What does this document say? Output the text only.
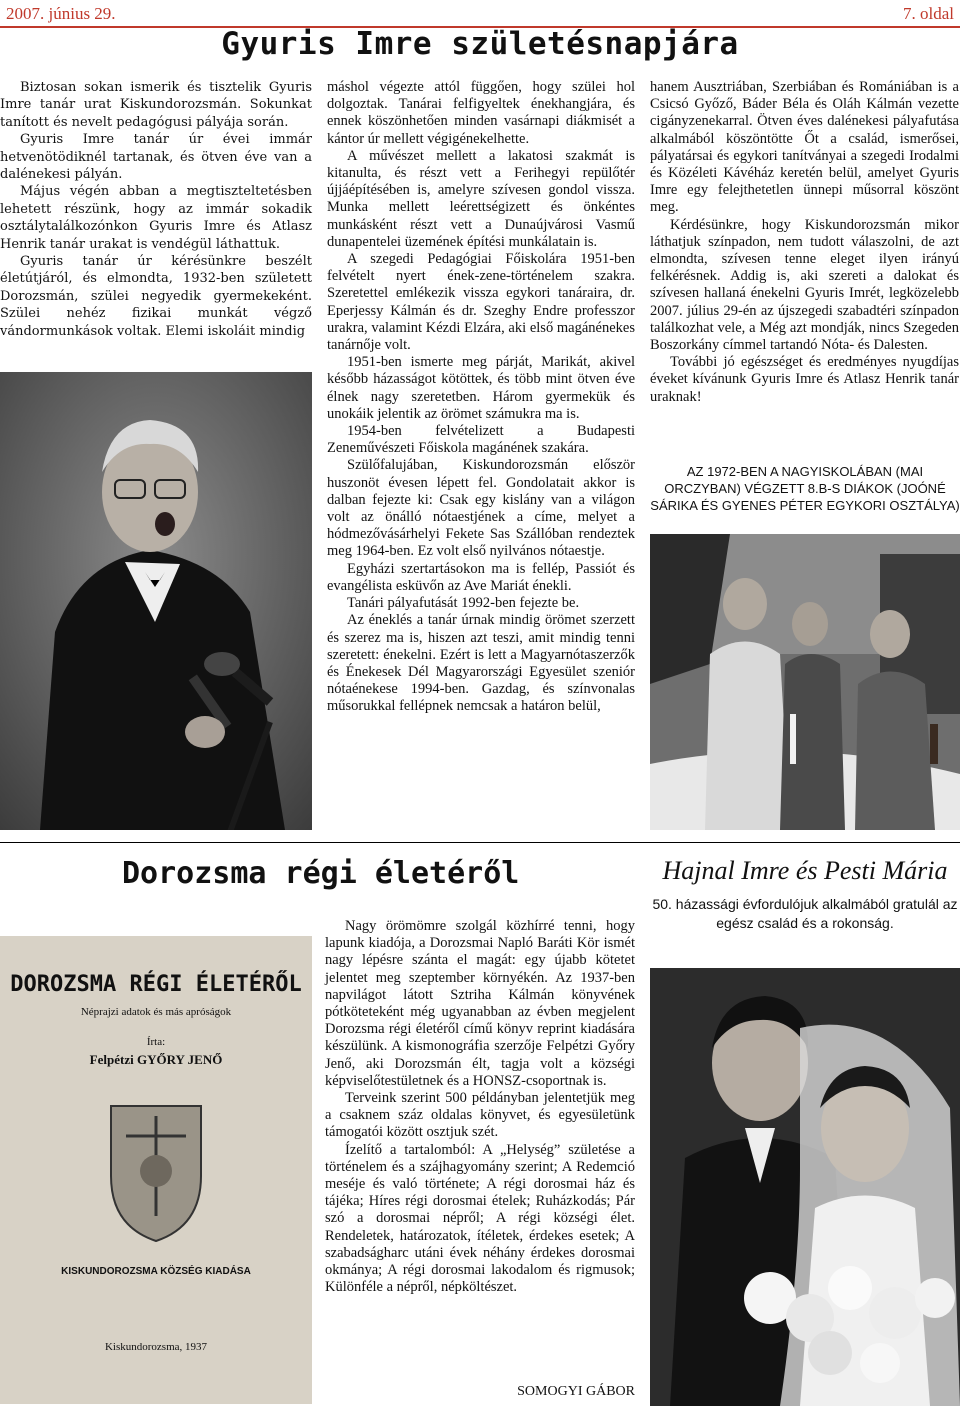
2007. június 29.	7. oldal
Gyuris Imre születésnapjára

Biztosan sokan ismerik és tisztelik Gyuris Imre tanár urat Kiskundorozsmán. Sokunkat tanított és nevelt pedagógusi pályája során.

Gyuris Imre tanár úr évei immár hetvenötödiknél tartanak, és ötven éve van a dalénekesi pályán.

Május végén abban a megtiszteltetésben lehetett részünk, hogy az immár sokadik osztálytalálkozónkon Gyuris Imre és Atlasz Henrik tanár urakat is vendégül láthattuk.

Gyuris tanár úr kérésünkre beszélt életútjáról, és elmondta, 1932-ben született Dorozsmán, szülei negyedik gyermekeként. Szülei nehéz fizikai munkát végző vándormunkások voltak. Elemi iskoláit mindig

máshol végezte attól függően, hogy szülei hol dolgoztak. Tanárai felfigyeltek énekhangjára, és ennek köszönhetően minden vasárnapi diákmisét a kántor úr mellett végigénekelhette.

A művészet mellett a lakatosi szakmát is kitanulta, és részt vett a Ferihegyi repülőtér újjáépítésében is, amelyre szívesen gondol vissza. Munka mellett leérettségizett és önkéntes munkásként részt vett a Dunaújvárosi Vasmű dunapentelei üzemének építési munkálatain is.

A szegedi Pedagógiai Főiskolára 1951-ben felvételt nyert ének-zene-történelem szakra. Szeretettel emlékezik vissza egykori tanáraira, dr. Eperjessy Kálmán és dr. Szeghy Endre professzor urakra, valamint Kézdi Elzára, aki első magánénekes tanárnője volt.

1951-ben ismerte meg párját, Marikát, akivel később házasságot kötöttek, és több mint ötven éve élnek nagy szeretetben. Három gyermekük és unokáik jelentik az örömet számukra ma is.

1954-ben felvételizett a Budapesti Zeneművészeti Főiskola magánének szakára.

Szülőfalujában, Kiskundorozsmán először huszonöt évesen lépett fel. Gondolatait akkor is dalban fejezte ki: Csak egy kislány van a világon volt az önálló nótaestjének a címe, melyet a hódmezővásárhelyi Fekete Sas Szállóban rendeztek meg 1964-ben. Ez volt első nyilvános nótaestje.

Egyházi szertartásokon ma is fellép, Passiót és evangélista esküvőn az Ave Mariát énekli.

Tanári pályafutását 1992-ben fejezte be.

Az éneklés a tanár úrnak mindig örömet szerzett és szerez ma is, hiszen azt teszi, amit mindig tenni szeretett: énekelni. Ezért is lett a Magyarnótaszerzők és Énekesek Dél Magyarországi Egyesület szeniór nótaénekese 1994-ben. Gazdag, és színvonalas műsorukkal fellépnek nemcsak a határon belül,

hanem Ausztriában, Szerbiában és Romániában is a Csicsó Győző, Báder Béla és Oláh Kálmán vezette cigányzenekarral. Ötven éves dalénekesi pályafutása alkalmából köszöntötte Őt a család, ismerősei, pályatársai és egykori tanítványai a szegedi Irodalmi és Közéleti Kávéház keretén belül, amelyet Gyuris Imre egy felejthetetlen ünnepi műsorral köszönt meg.

Kérdésünkre, hogy Kiskundorozsmán mikor láthatjuk színpadon, nem tudott válaszolni, de azt elmondta, szívesen tenne eleget ilyen irányú felkérésnek. Addig is, aki szereti a dalokat és szívesen hallaná énekelni Gyuris Imrét, legközelebb 2007. július 29-én az újszegedi szabadtéri színpadon találkozhat vele, a Még azt mondják, nincs Szegeden Boszorkány címmel tartandó Nóta- és Dalesten.

További jó egészséget és eredményes nyugdíjas éveket kívánunk Gyuris Imre és Atlasz Henrik tanár uraknak!

AZ 1972-BEN A NAGYISKOLÁBAN (MAI ORCZYBAN) VÉGZETT 8.B-S DIÁKOK (JOÓNÉ SÁRIKA ÉS GYENES PÉTER EGYKORI OSZTÁLYA)
Dorozsma régi életéről
DOROZSMA RÉGI ÉLETÉRŐL
Néprajzi adatok és más apróságok
Írta:
Felpétzi GYŐRY JENŐ
KISKUNDOROZSMA KÖZSÉG KIADÁSA
Kiskundorozsma, 1937

Nagy örömömre szolgál közhírré tenni, hogy lapunk kiadója, a Dorozsmai Napló Baráti Kör ismét nagy lépésre szánta el magát: egy újabb kötetet jelentet meg szeptember környékén. Az 1937-ben napvilágot látott Sztriha Kálmán könyvének pótköteteként még ugyanabban az évben megjelent Dorozsma régi életéről című könyv reprint kiadására készülünk. A kismonográfia szerzője Felpétzi Győry Jenő, aki Dorozsmán élt, tagja volt a községi képviselőtestületnek és a HONSZ-csoportnak is.

Terveink szerint 500 példányban jelentetjük meg a csaknem száz oldalas könyvet, és egyesületünk támogatói között osztjuk szét.

Ízelítő a tartalomból: A „Helység” születése a történelem és a szájhagyomány szerint; A Redemció meséje és való története; A régi dorosmai ház és tájéka; Híres régi dorosmai ételek; Ruházkodás; Pár szó a dorosmai népről; A régi községi élet. Rendeletek, határozatok, ítéletek, érdekes esetek; A szabadságharc utáni évek néhány érdekes dorosmai okmánya; A régi dorosmai lakodalom és rigmusok; Különféle a népről, népköltészet.

SOMOGYI GÁBOR
Hajnal Imre és Pesti Mária
50. házassági évfordulójuk alkalmából gratulál az egész család és a rokonság.
